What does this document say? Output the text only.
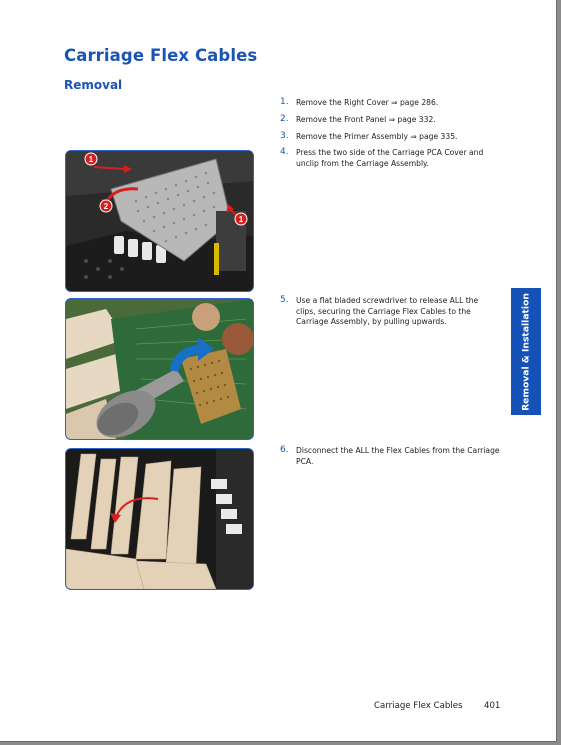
Carriage Flex Cables
Removal
1. Remove the Right Cover ⇒ page 286.
2. Remove the Front Panel ⇒ page 332.
3. Remove the Primer Assembly ⇒ page 335.
4. Press the two side of the Carriage PCA Cover and unclip from the Carriage Assembly.
5. Use a flat bladed screwdriver to release ALL the clips, securing the Carriage Flex Cables to the Carriage Assembly, by pulling upwards.
6. Disconnect the ALL the Flex Cables from the Carriage PCA.
1
2
1
Removal & Installation
Carriage Flex Cables	401
